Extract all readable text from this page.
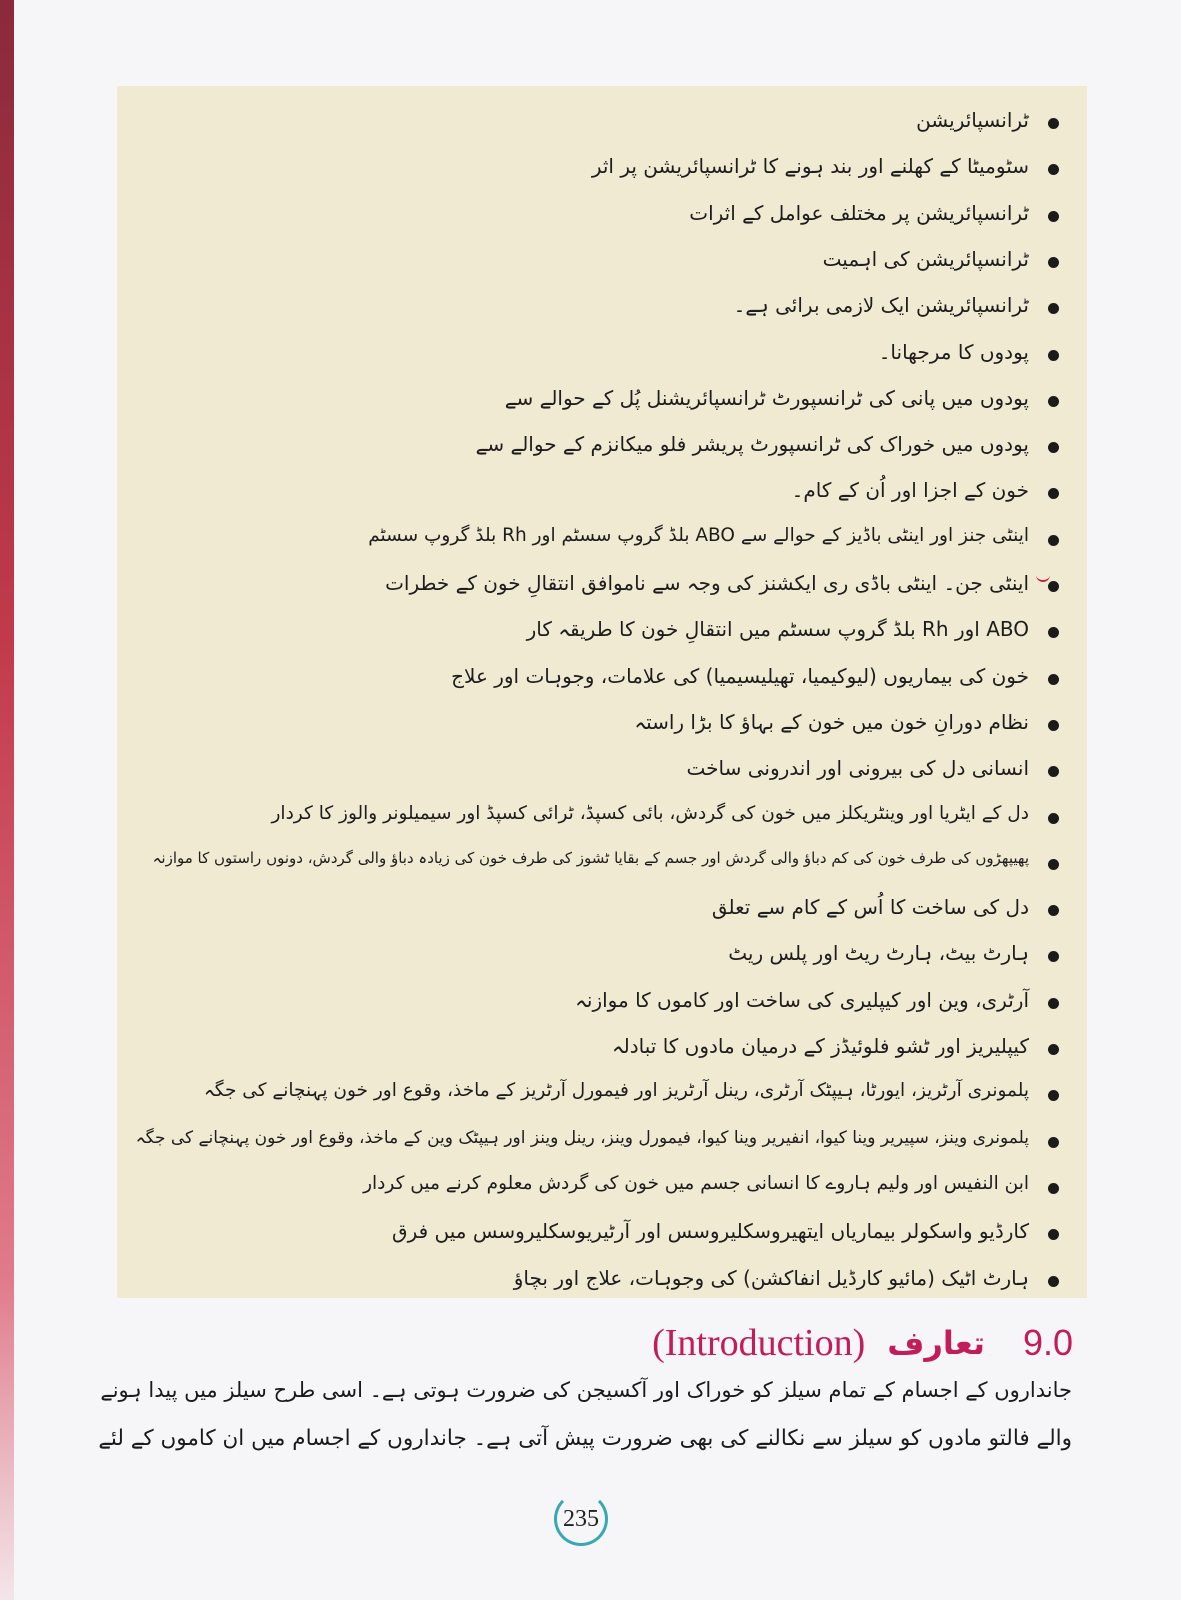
ٹرانسپائریشن
سٹومیٹا کے کھلنے اور بند ہونے کا ٹرانسپائریشن پر اثر
ٹرانسپائریشن پر مختلف عوامل کے اثرات
ٹرانسپائریشن کی اہمیت
ٹرانسپائریشن ایک لازمی برائی ہے۔
پودوں کا مرجھانا۔
پودوں میں پانی کی ٹرانسپورٹ ٹرانسپائریشنل پُل کے حوالے سے
پودوں میں خوراک کی ٹرانسپورٹ پریشر فلو میکانزم کے حوالے سے
خون کے اجزا اور اُن کے کام۔
اینٹی جنز اور اینٹی باڈیز کے حوالے سے ABO بلڈ گروپ سسٹم اور Rh بلڈ گروپ سسٹم
اینٹی جن۔ اینٹی باڈی ری ایکشنز کی وجہ سے ناموافق انتقالِ خون کے خطرات
ABO اور Rh بلڈ گروپ سسٹم میں انتقالِ خون کا طریقہ کار
خون کی بیماریوں (لیوکیمیا، تھیلیسیمیا) کی علامات، وجوہات اور علاج
نظام دورانِ خون میں خون کے بہاؤ کا بڑا راستہ
انسانی دل کی بیرونی اور اندرونی ساخت
دل کے ایٹریا اور وینٹریکلز میں خون کی گردش، بائی کسپڈ، ٹرائی کسپڈ اور سیمیلونر والوز کا کردار
پھیپھڑوں کی طرف خون کی کم دباؤ والی گردش اور جسم کے بقایا ٹشوز کی طرف خون کی زیادہ دباؤ والی گردش، دونوں راستوں کا موازنہ
دل کی ساخت کا اُس کے کام سے تعلق
ہارٹ بیٹ، ہارٹ ریٹ اور پلس ریٹ
آرٹری، وین اور کیپلیری کی ساخت اور کاموں کا موازنہ
کیپلیریز اور ٹشو فلوئیڈز کے درمیان مادوں کا تبادلہ
پلمونری آرٹریز، ایورٹا، ہیپٹک آرٹری، رینل آرٹریز اور فیمورل آرٹریز کے ماخذ، وقوع اور خون پہنچانے کی جگہ
پلمونری وینز، سپیریر وینا کیوا، انفیریر وینا کیوا، فیمورل وینز، رینل وینز اور ہیپٹک وین کے ماخذ، وقوع اور خون پہنچانے کی جگہ
ابن النفیس اور ولیم ہاروے کا انسانی جسم میں خون کی گردش معلوم کرنے میں کردار
کارڈیو واسکولر بیماریاں ایتھیروسکلیروسس اور آرٹیریوسکلیروسس میں فرق
ہارٹ اٹیک (مائیو کارڈیل انفاکشن) کی وجوہات، علاج اور بچاؤ
(Introduction) تعارف 9.0
جانداروں کے اجسام کے تمام سیلز کو خوراک اور آکسیجن کی ضرورت ہوتی ہے۔ اسی طرح سیلز میں پیدا ہونے
والے فالتو مادوں کو سیلز سے نکالنے کی بھی ضرورت پیش آتی ہے۔ جانداروں کے اجسام میں ان کاموں کے لئے
235
